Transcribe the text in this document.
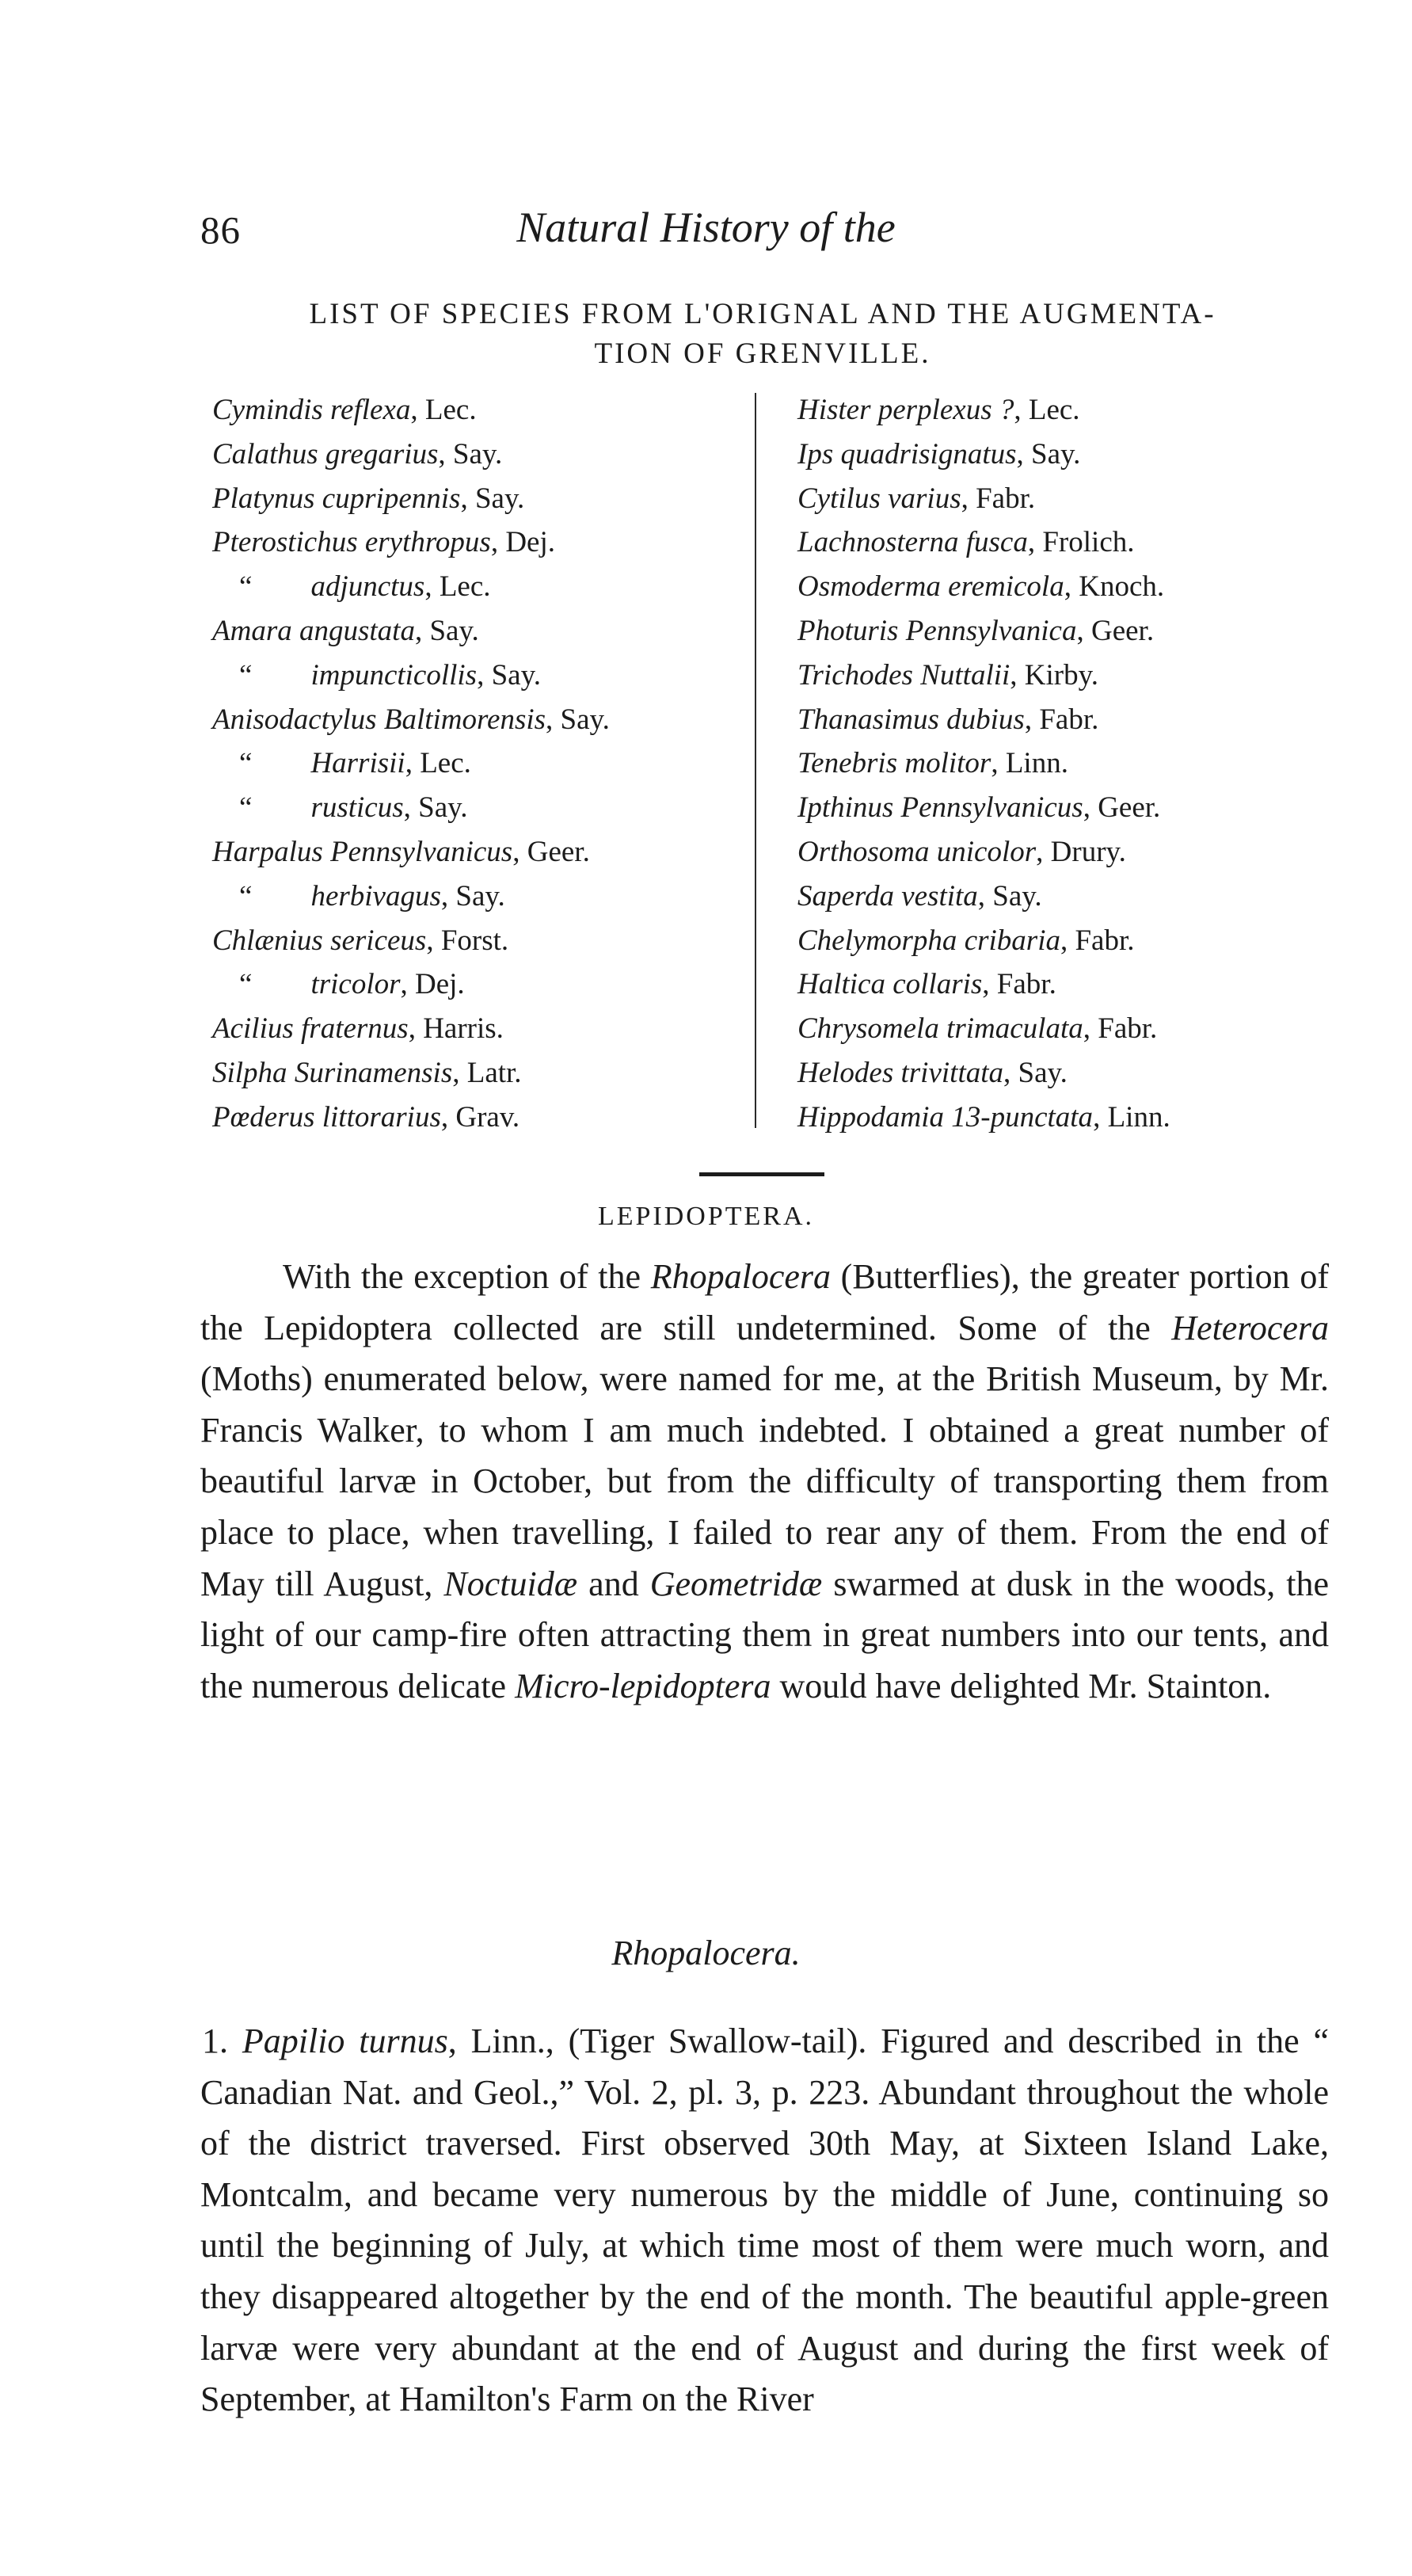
86	Natural History of the
LIST OF SPECIES FROM L'ORIGNAL AND THE AUGMENTA-
TION OF GRENVILLE.
Cymindis reflexa, Lec.
Calathus gregarius, Say.
Platynus cupripennis, Say.
Pterostichus erythropus, Dej.
“ adjunctus, Lec.
Amara angustata, Say.
“ impuncticollis, Say.
Anisodactylus Baltimorensis, Say.
“ Harrisii, Lec.
“ rusticus, Say.
Harpalus Pennsylvanicus, Geer.
“ herbivagus, Say.
Chlænius sericeus, Forst.
“ tricolor, Dej.
Acilius fraternus, Harris.
Silpha Surinamensis, Latr.
Pœderus littorarius, Grav.
Hister perplexus ?, Lec.
Ips quadrisignatus, Say.
Cytilus varius, Fabr.
Lachnosterna fusca, Frolich.
Osmoderma eremicola, Knoch.
Photuris Pennsylvanica, Geer.
Trichodes Nuttalii, Kirby.
Thanasimus dubius, Fabr.
Tenebris molitor, Linn.
Ipthinus Pennsylvanicus, Geer.
Orthosoma unicolor, Drury.
Saperda vestita, Say.
Chelymorpha cribaria, Fabr.
Haltica collaris, Fabr.
Chrysomela trimaculata, Fabr.
Helodes trivittata, Say.
Hippodamia 13-punctata, Linn.
LEPIDOPTERA.
With the exception of the Rhopalocera (Butterflies), the greater portion of the Lepidoptera collected are still undetermined. Some of the Heterocera (Moths) enumerated below, were named for me, at the British Museum, by Mr. Francis Walker, to whom I am much indebted. I obtained a great number of beautiful larvæ in October, but from the difficulty of transporting them from place to place, when travelling, I failed to rear any of them. From the end of May till August, Noctuidæ and Geometridæ swarmed at dusk in the woods, the light of our camp-fire often attracting them in great numbers into our tents, and the numerous delicate Micro-lepidoptera would have delighted Mr. Stainton.
Rhopalocera.
1. Papilio turnus, Linn., (Tiger Swallow-tail). Figured and described in the “ Canadian Nat. and Geol.,” Vol. 2, pl. 3, p. 223. Abundant throughout the whole of the district traversed. First observed 30th May, at Sixteen Island Lake, Montcalm, and became very numerous by the middle of June, continuing so until the beginning of July, at which time most of them were much worn, and they disappeared altogether by the end of the month. The beautiful apple-green larvæ were very abundant at the end of August and during the first week of September, at Hamilton's Farm on the River
